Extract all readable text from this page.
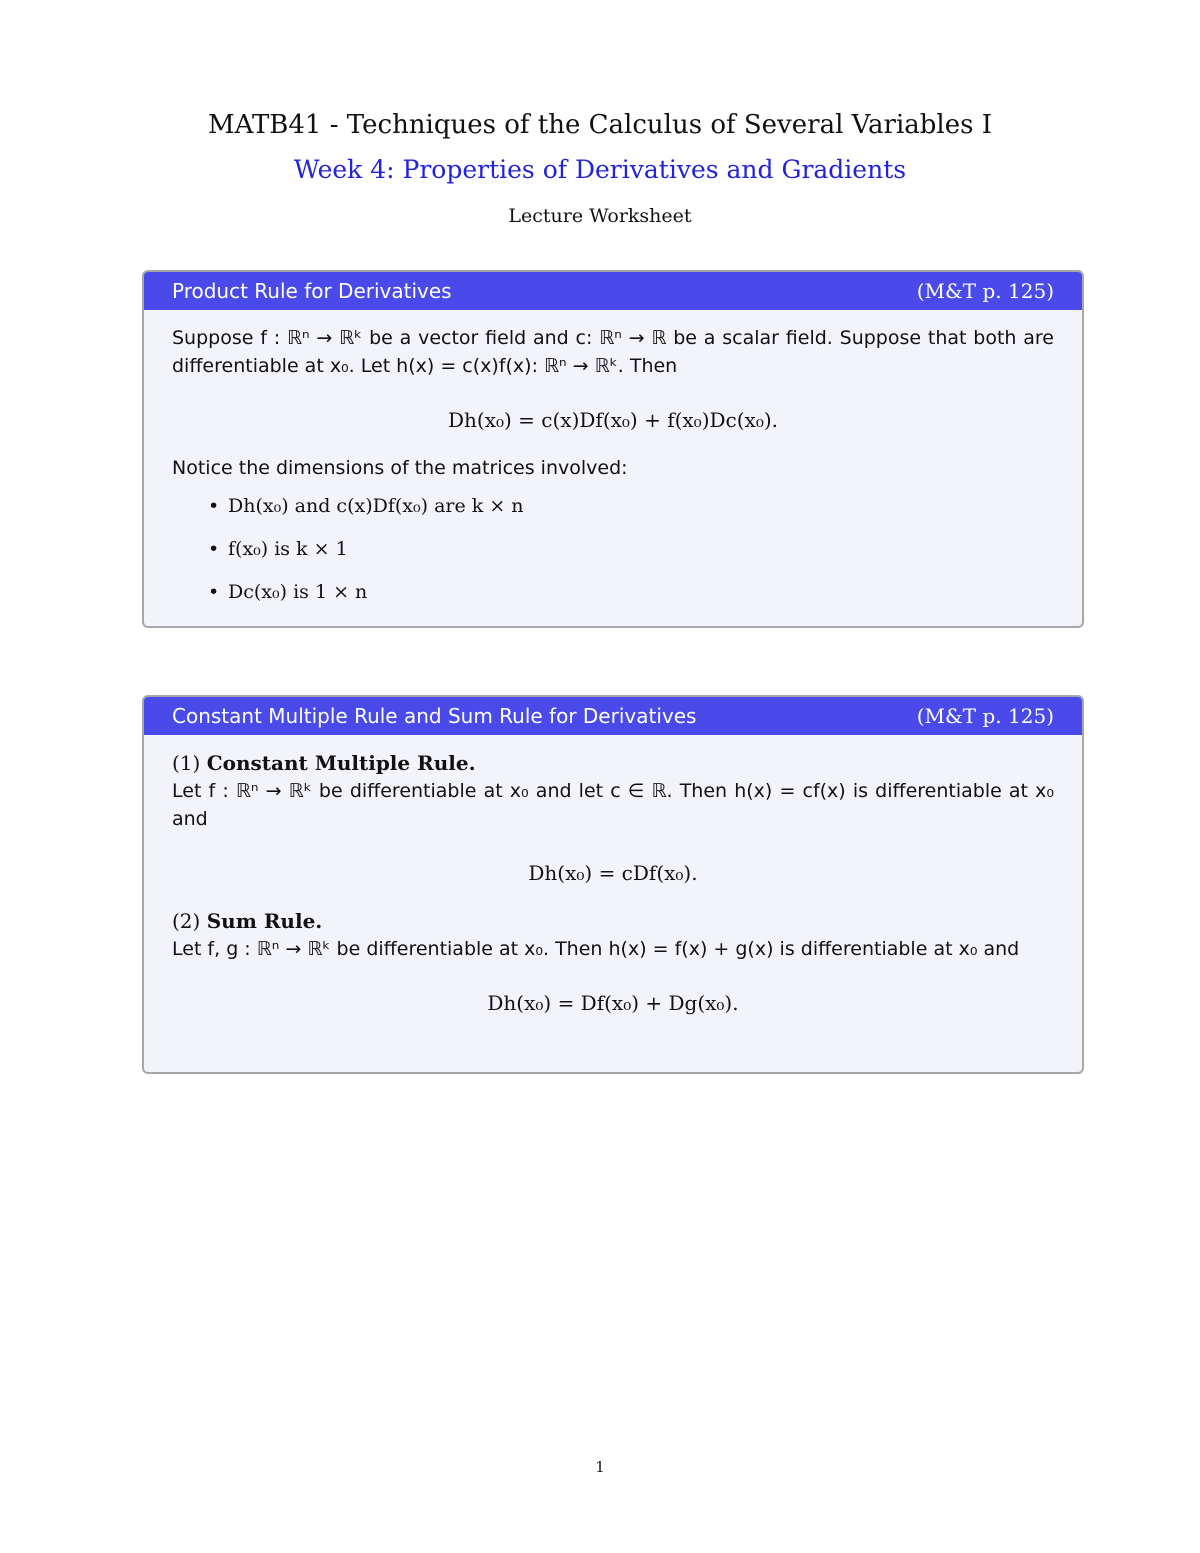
MATB41 - Techniques of the Calculus of Several Variables I
Week 4: Properties of Derivatives and Gradients
Lecture Worksheet
Product Rule for Derivatives	(M&T p. 125)

Suppose f : ℝⁿ → ℝᵏ be a vector field and c: ℝⁿ → ℝ be a scalar field. Suppose that both are differentiable at x₀. Let h(x) = c(x)f(x): ℝⁿ → ℝᵏ. Then

Dh(x₀) = c(x)Df(x₀) + f(x₀)Dc(x₀).

Notice the dimensions of the matrices involved:

• Dh(x₀) and c(x)Df(x₀) are k × n
• f(x₀) is k × 1
• Dc(x₀) is 1 × n
Constant Multiple Rule and Sum Rule for Derivatives	(M&T p. 125)

(1) Constant Multiple Rule.

Let f : ℝⁿ → ℝᵏ be differentiable at x₀ and let c ∈ ℝ. Then h(x) = cf(x) is differentiable at x₀ and

Dh(x₀) = cDf(x₀).

(2) Sum Rule.

Let f, g : ℝⁿ → ℝᵏ be differentiable at x₀. Then h(x) = f(x) + g(x) is differentiable at x₀ and

Dh(x₀) = Df(x₀) + Dg(x₀).

1
